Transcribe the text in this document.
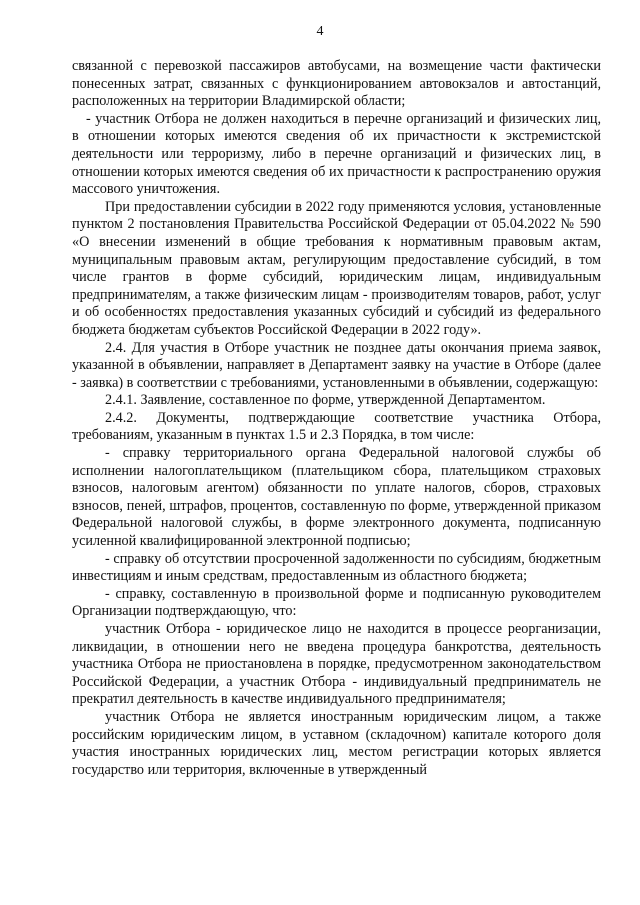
4

связанной с перевозкой пассажиров автобусами, на возмещение части фактически понесенных затрат, связанных с функционированием автовокзалов и автостанций, расположенных на территории Владимирской области;

- участник Отбора не должен находиться в перечне организаций и физических лиц, в отношении которых имеются сведения об их причастности к экстремистской деятельности или терроризму, либо в перечне организаций и физических лиц, в отношении которых имеются сведения об их причастности к распространению оружия массового уничтожения.

При предоставлении субсидии в 2022 году применяются условия, установленные пунктом 2 постановления Правительства Российской Федерации от 05.04.2022 № 590 «О внесении изменений в общие требования к нормативным правовым актам, муниципальным правовым актам, регулирующим предоставление субсидий, в том числе грантов в форме субсидий, юридическим лицам, индивидуальным предпринимателям, а также физическим лицам - производителям товаров, работ, услуг и об особенностях предоставления указанных субсидий и субсидий из федерального бюджета бюджетам субъектов Российской Федерации в 2022 году».

2.4. Для участия в Отборе участник не позднее даты окончания приема заявок, указанной в объявлении, направляет в Департамент заявку на участие в Отборе (далее - заявка) в соответствии с требованиями, установленными в объявлении, содержащую:

2.4.1. Заявление, составленное по форме, утвержденной Департаментом.

2.4.2. Документы, подтверждающие соответствие участника Отбора, требованиям, указанным в пунктах 1.5 и 2.3 Порядка, в том числе:

- справку территориального органа Федеральной налоговой службы об исполнении налогоплательщиком (плательщиком сбора, плательщиком страховых взносов, налоговым агентом) обязанности по уплате налогов, сборов, страховых взносов, пеней, штрафов, процентов, составленную по форме, утвержденной приказом Федеральной налоговой службы, в форме электронного документа, подписанную усиленной квалифицированной электронной подписью;

- справку об отсутствии просроченной задолженности по субсидиям, бюджетным инвестициям и иным средствам, предоставленным из областного бюджета;

- справку, составленную в произвольной форме и подписанную руководителем Организации подтверждающую, что:

участник Отбора - юридическое лицо не находится в процессе реорганизации, ликвидации, в отношении него не введена процедура банкротства, деятельность участника Отбора не приостановлена в порядке, предусмотренном законодательством Российской Федерации, а участник Отбора - индивидуальный предприниматель не прекратил деятельность в качестве индивидуального предпринимателя;

участник Отбора не является иностранным юридическим лицом, а также российским юридическим лицом, в уставном (складочном) капитале которого доля участия иностранных юридических лиц, местом регистрации которых является государство или территория, включенные в утвержденный
